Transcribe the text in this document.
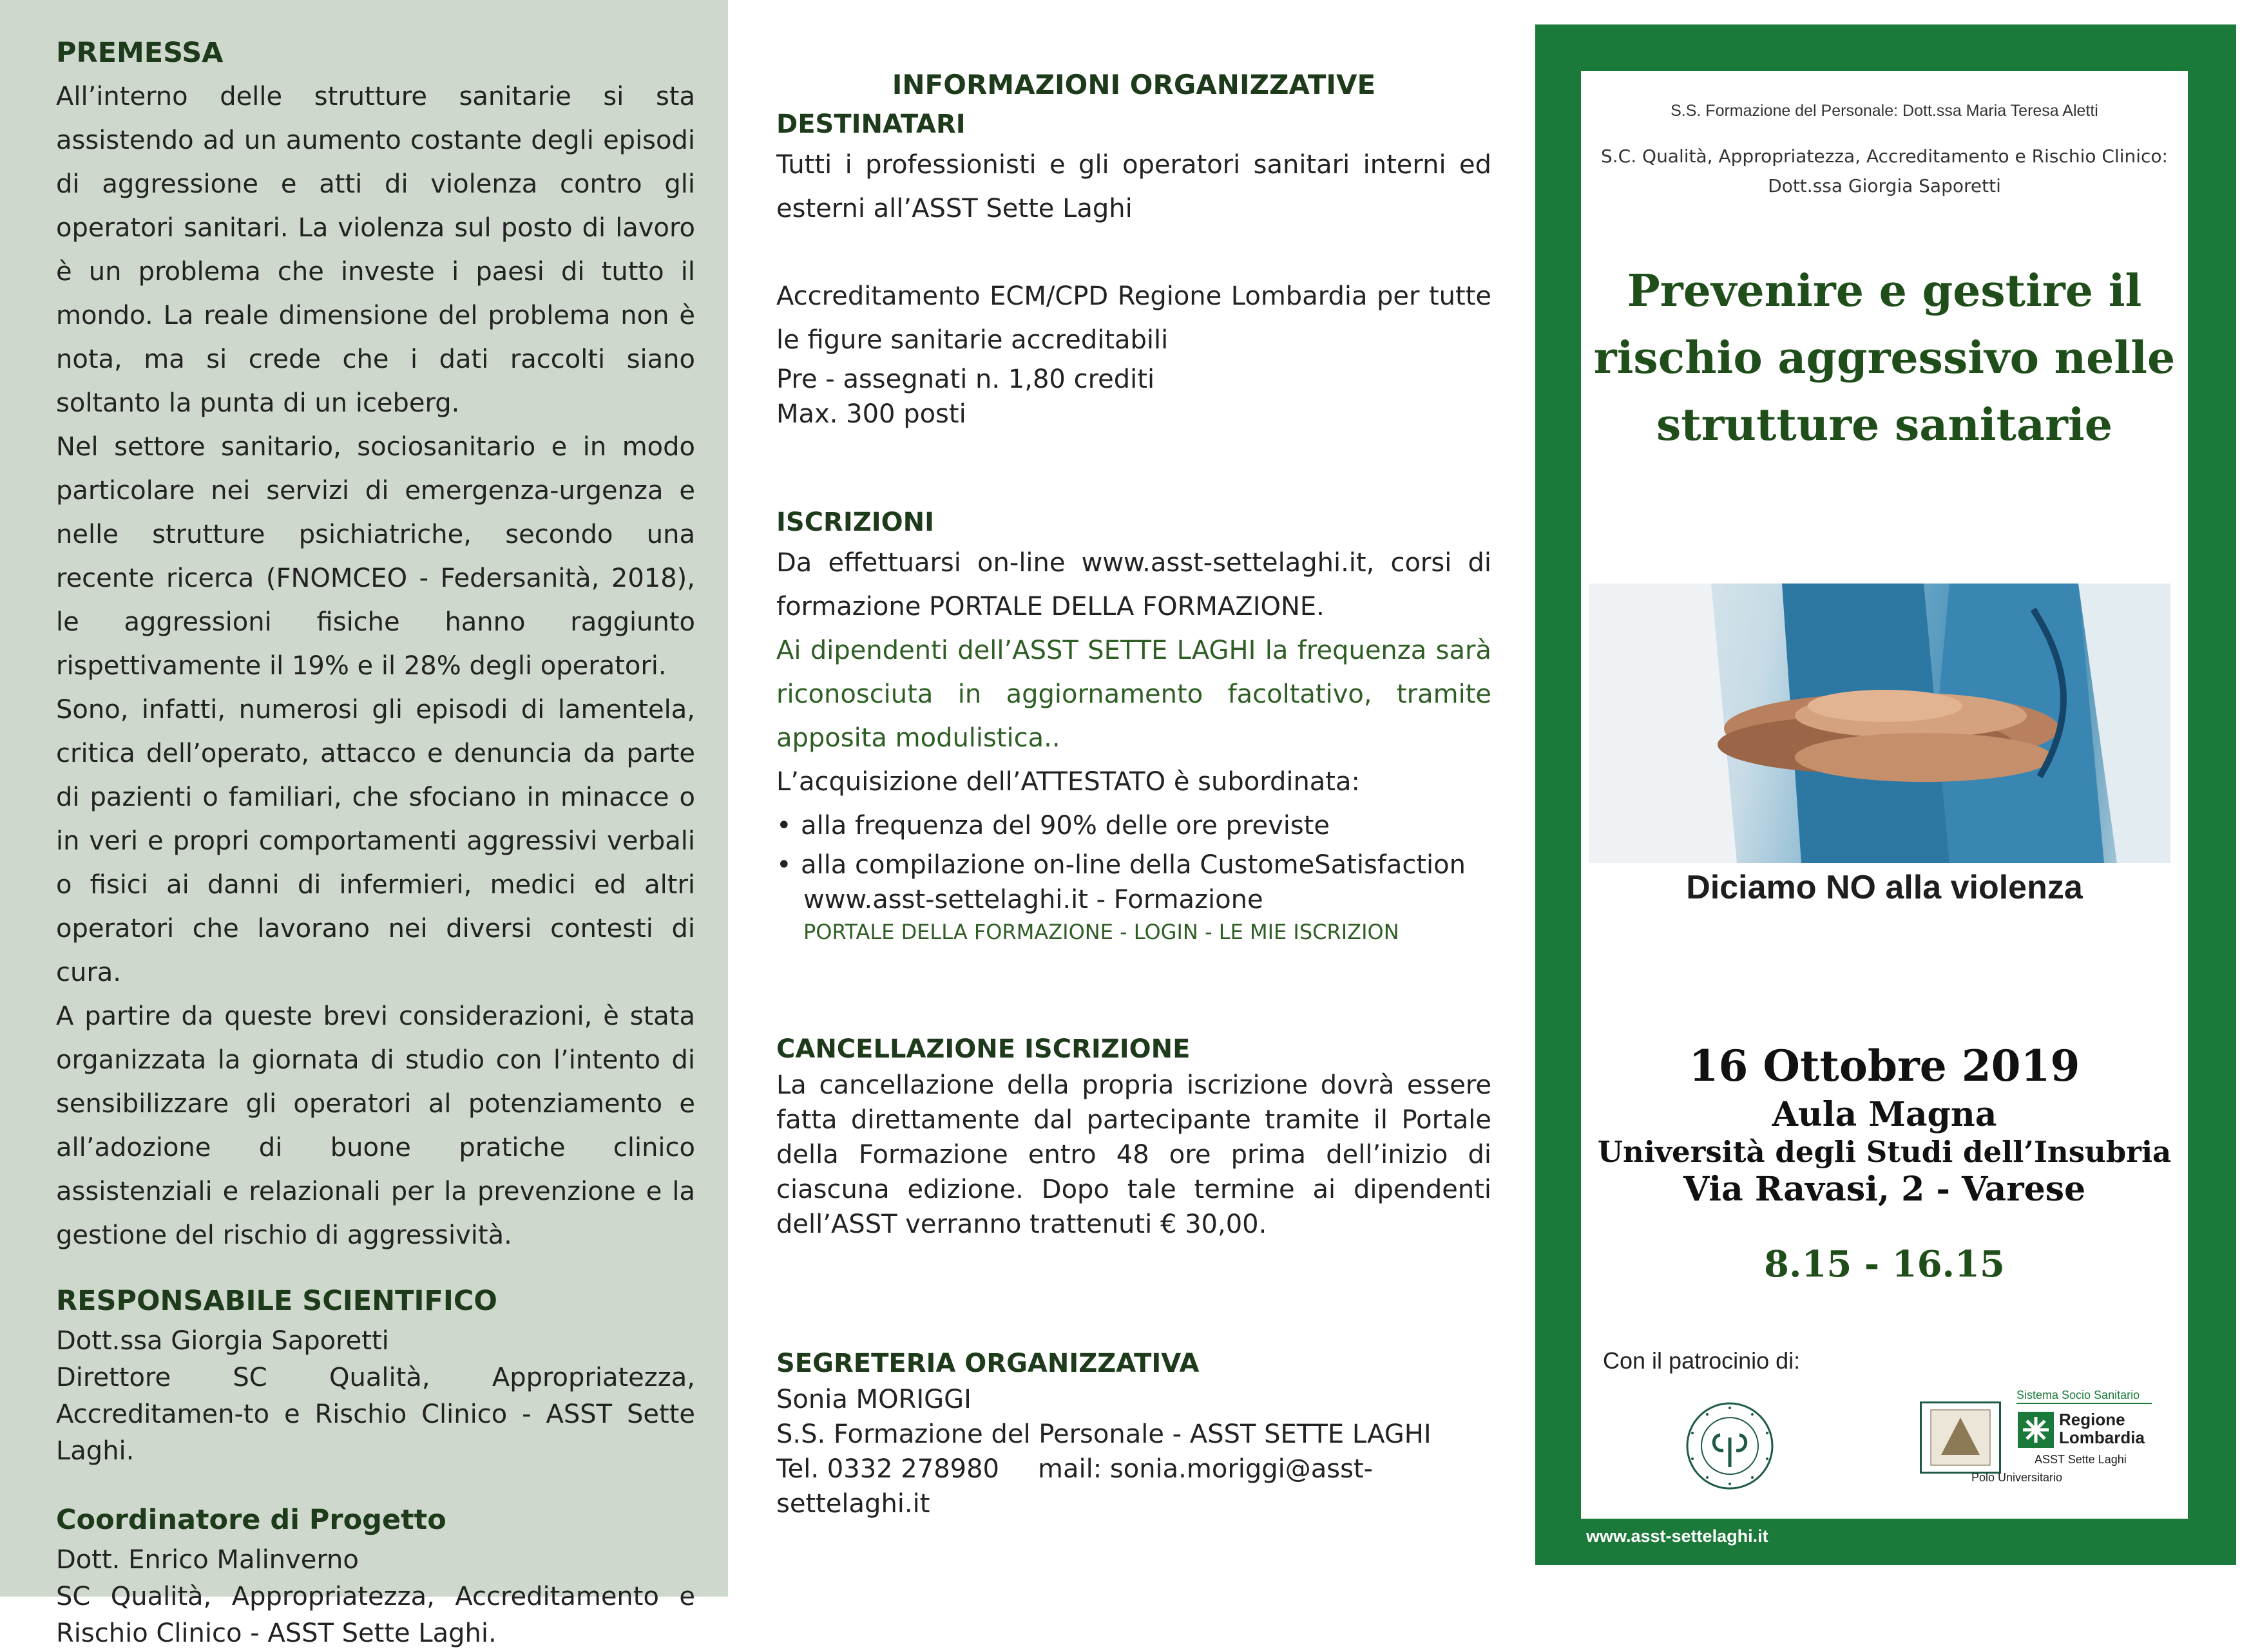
PREMESSA

All’interno delle strutture sanitarie si sta assistendo ad un aumento costante degli episodi di aggressione e atti di violenza contro gli operatori sanitari. La violenza sul posto di lavoro è un problema che investe i paesi di tutto il mondo. La reale dimensione del problema non è nota, ma si crede che i dati raccolti siano soltanto la punta di un iceberg.

Nel settore sanitario, sociosanitario e in modo particolare nei servizi di emergenza-urgenza e nelle strutture psichiatriche, secondo una recente ricerca (FNOMCEO - Federsanità, 2018), le aggressioni fisiche hanno raggiunto rispettivamente il 19% e il 28% degli operatori.

Sono, infatti, numerosi gli episodi di lamentela, critica dell’operato, attacco e denuncia da parte di pazienti o familiari, che sfociano in minacce o in veri e propri comportamenti aggressivi verbali o fisici ai danni di infermieri, medici ed altri operatori che lavorano nei diversi contesti di cura.

A partire da queste brevi considerazioni, è stata organizzata la giornata di studio con l’intento di sensibilizzare gli operatori al potenziamento e all’adozione di buone pratiche clinico assistenziali e relazionali per la prevenzione e la gestione del rischio di aggressività.

RESPONSABILE SCIENTIFICO

Dott.ssa Giorgia Saporetti

Direttore SC Qualità, Appropriatezza, Accreditamen-to e Rischio Clinico - ASST Sette Laghi.

Coordinatore di Progetto

Dott. Enrico Malinverno

SC Qualità, Appropriatezza, Accreditamento e Rischio Clinico - ASST Sette Laghi.

INFORMAZIONI ORGANIZZATIVE
DESTINATARI

Tutti i professionisti e gli operatori sanitari interni ed esterni all’ASST Sette Laghi

Accreditamento ECM/CPD Regione Lombardia per tutte le figure sanitarie accreditabili

Pre - assegnati n. 1,80 crediti

Max. 300 posti

ISCRIZIONI

Da effettuarsi on-line www.asst-settelaghi.it, corsi di formazione PORTALE DELLA FORMAZIONE.

Ai dipendenti dell’ASST SETTE LAGHI la frequenza sarà riconosciuta in aggiornamento facoltativo, tramite apposita modulistica..

L’acquisizione dell’ATTESTATO è subordinata:

• alla frequenza del 90% delle ore previste

• alla compilazione on-line della CustomeSatisfaction

www.asst-settelaghi.it - Formazione

PORTALE DELLA FORMAZIONE - LOGIN - LE MIE ISCRIZION

CANCELLAZIONE ISCRIZIONE

La cancellazione della propria iscrizione dovrà essere fatta direttamente dal partecipante tramite il Portale della Formazione entro 48 ore prima dell’inizio di ciascuna edizione. Dopo tale termine ai dipendenti dell’ASST verranno trattenuti € 30,00.

SEGRETERIA ORGANIZZATIVA

Sonia MORIGGI

S.S. Formazione del Personale - ASST SETTE LAGHI

Tel. 0332 278980 mail: sonia.moriggi@asst-settelaghi.it

S.S. Formazione del Personale: Dott.ssa Maria Teresa Aletti
S.C. Qualità, Appropriatezza, Accreditamento e Rischio Clinico: Dott.ssa Giorgia Saporetti
Prevenire e gestire il rischio aggressivo nelle strutture sanitarie
Diciamo NO alla violenza
16 Ottobre 2019
Aula Magna
Università degli Studi dell’Insubria
Via Ravasi, 2 - Varese
8.15 - 16.15
Con il patrocinio di:
Sistema Socio Sanitario
Regione Lombardia
ASST Sette Laghi
Polo Universitario
www.asst-settelaghi.it
